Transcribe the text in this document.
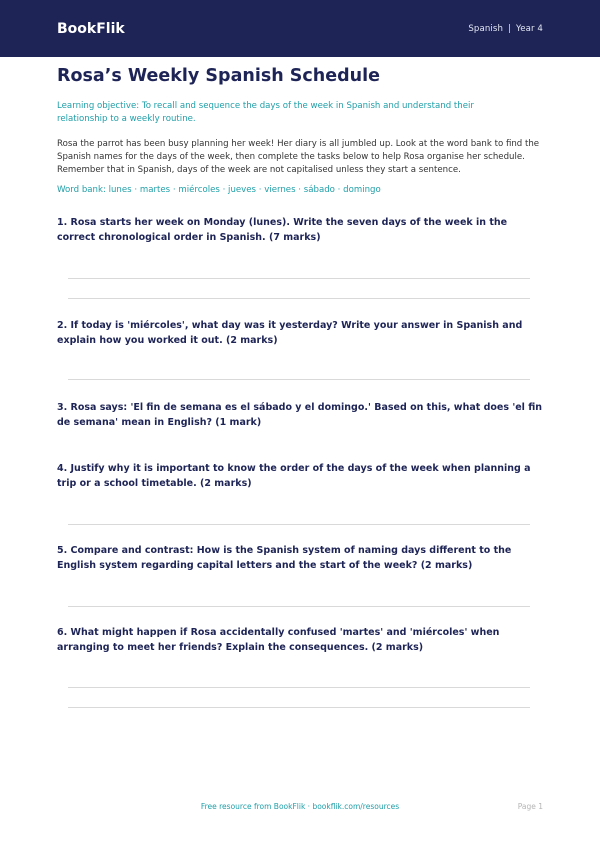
BookFlik	Spanish | Year 4
Rosa’s Weekly Spanish Schedule

Learning objective: To recall and sequence the days of the week in Spanish and understand their relationship to a weekly routine.

Rosa the parrot has been busy planning her week! Her diary is all jumbled up. Look at the word bank to find the Spanish names for the days of the week, then complete the tasks below to help Rosa organise her schedule. Remember that in Spanish, days of the week are not capitalised unless they start a sentence.

Word bank: lunes · martes · miércoles · jueves · viernes · sábado · domingo

1. Rosa starts her week on Monday (lunes). Write the seven days of the week in the correct chronological order in Spanish. (7 marks)

2. If today is 'miércoles', what day was it yesterday? Write your answer in Spanish and explain how you worked it out. (2 marks)

3. Rosa says: 'El fin de semana es el sábado y el domingo.' Based on this, what does 'el fin de semana' mean in English? (1 mark)

4. Justify why it is important to know the order of the days of the week when planning a trip or a school timetable. (2 marks)

5. Compare and contrast: How is the Spanish system of naming days different to the English system regarding capital letters and the start of the week? (2 marks)

6. What might happen if Rosa accidentally confused 'martes' and 'miércoles' when arranging to meet her friends? Explain the consequences. (2 marks)

Free resource from BookFlik · bookflik.com/resources	Page 1
